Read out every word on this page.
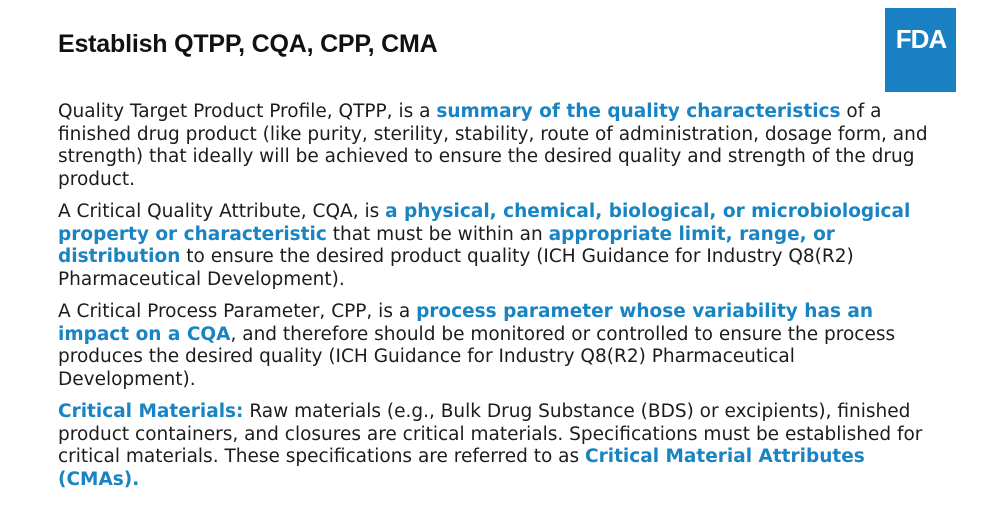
Establish QTPP, CQA, CPP, CMA	FDA

Quality Target Product Profile, QTPP, is a summary of the quality characteristics of a finished drug product (like purity, sterility, stability, route of administration, dosage form, and strength) that ideally will be achieved to ensure the desired quality and strength of the drug product.

A Critical Quality Attribute, CQA, is a physical, chemical, biological, or microbiological property or characteristic that must be within an appropriate limit, range, or distribution to ensure the desired product quality (ICH Guidance for Industry Q8(R2) Pharmaceutical Development).

A Critical Process Parameter, CPP, is a process parameter whose variability has an impact on a CQA, and therefore should be monitored or controlled to ensure the process produces the desired quality (ICH Guidance for Industry Q8(R2) Pharmaceutical Development).

Critical Materials: Raw materials (e.g., Bulk Drug Substance (BDS) or excipients), finished product containers, and closures are critical materials. Specifications must be established for critical materials. These specifications are referred to as Critical Material Attributes (CMAs).
